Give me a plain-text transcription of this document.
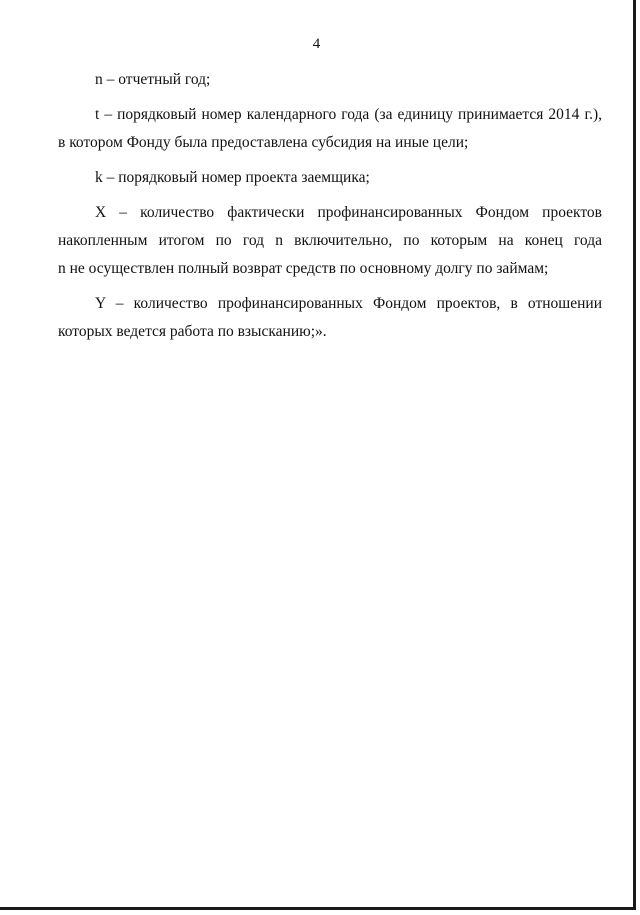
4
n – отчетный год;
t – порядковый номер календарного года (за единицу принимается 2014 г.),
в котором Фонду была предоставлена субсидия на иные цели;
k – порядковый номер проекта заемщика;
X – количество фактически профинансированных Фондом проектов
накопленным итогом по год n включительно, по которым на конец года
n не осуществлен полный возврат средств по основному долгу по займам;
Y – количество профинансированных Фондом проектов, в отношении
которых ведется работа по взысканию;».
